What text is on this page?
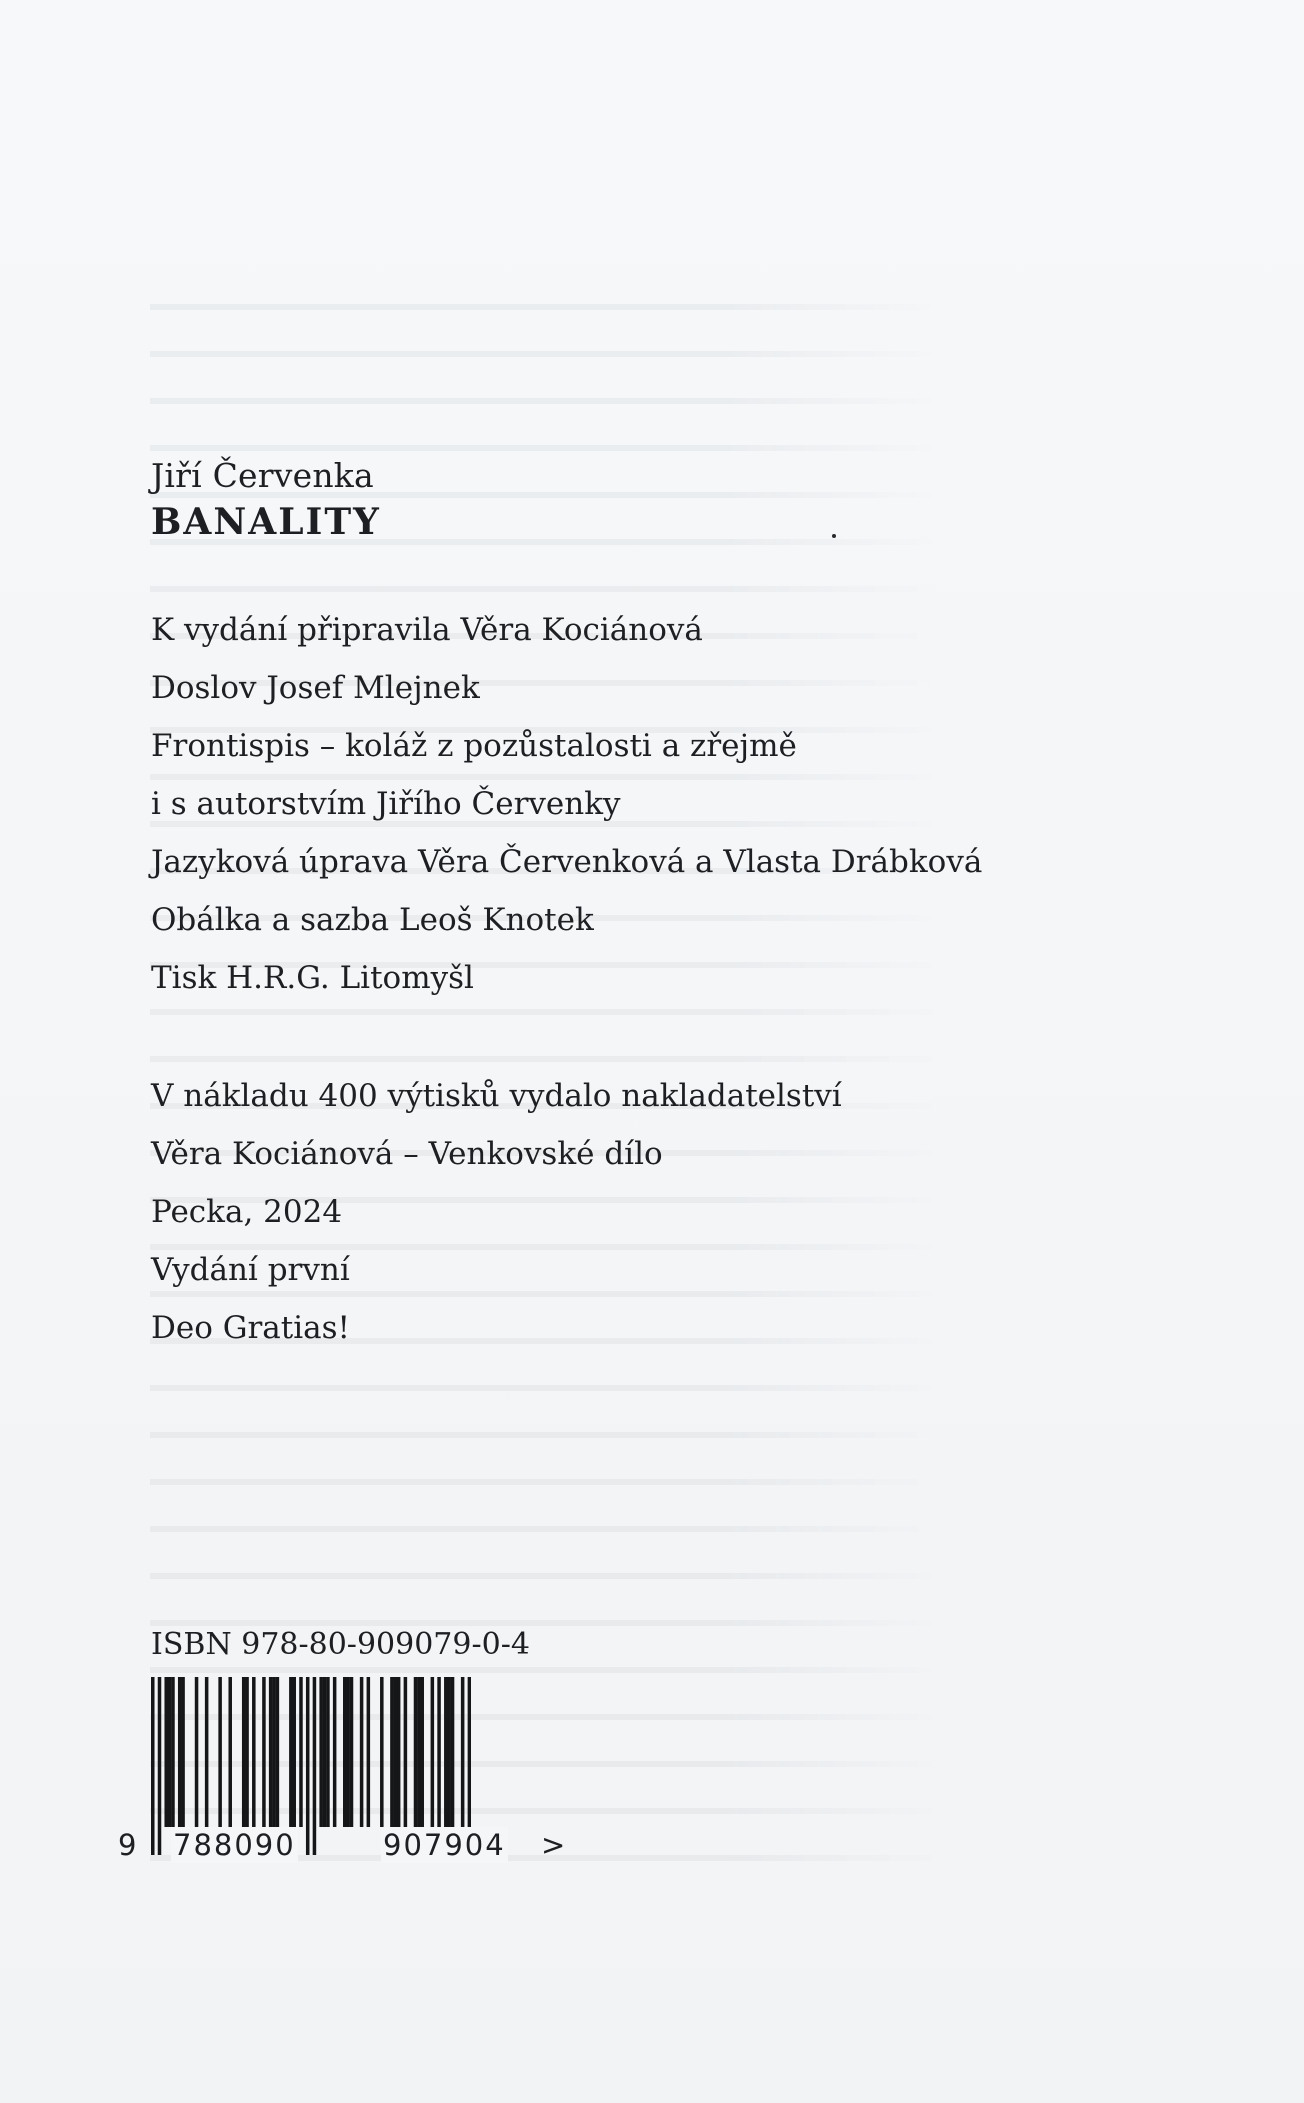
Jiří Červenka

BANALITY

K vydání připravila Věra Kociánová
Doslov Josef Mlejnek
Frontispis – koláž z pozůstalosti a zřejmě
i s autorstvím Jiřího Červenky
Jazyková úprava Věra Červenková a Vlasta Drábková
Obálka a sazba Leoš Knotek
Tisk H.R.G. Litomyšl
V nákladu 400 výtisků vydalo nakladatelství
Věra Kociánová – Venkovské dílo
Pecka, 2024
Vydání první
Deo Gratias!
ISBN 978-80-909079-0-4
9 788090	907904 >
